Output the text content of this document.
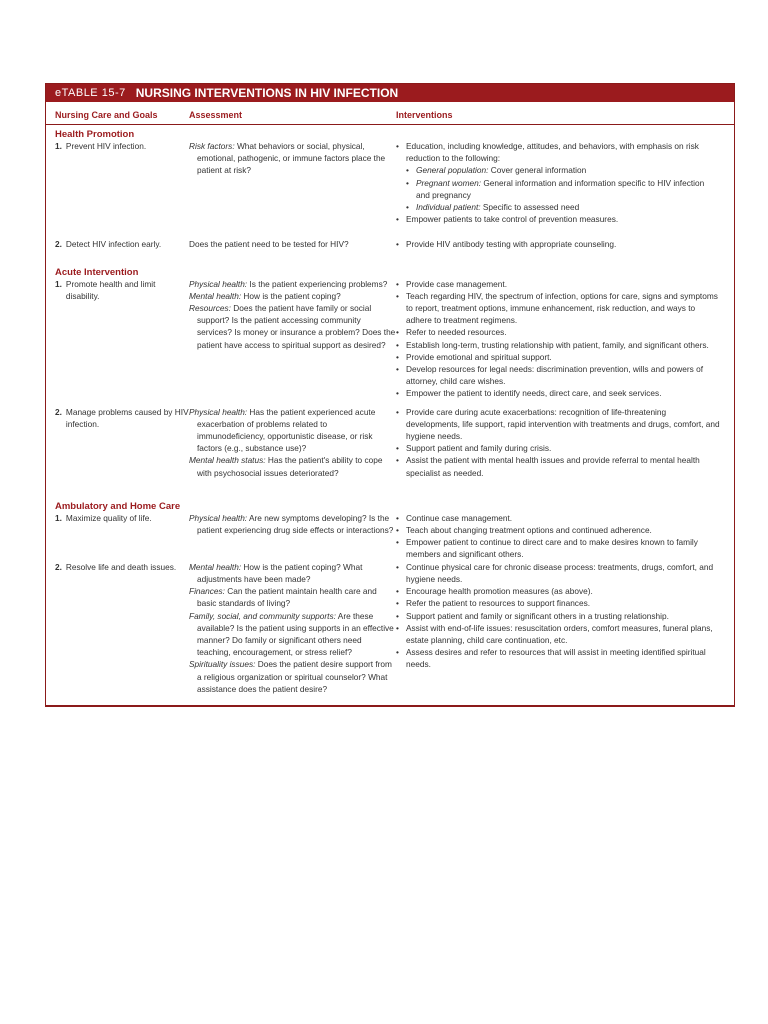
eTABLE 15-7 NURSING INTERVENTIONS IN HIV INFECTION
Nursing Care and Goals	Assessment	Interventions
Health Promotion
1. Prevent HIV infection.	Risk factors: What behaviors or social, physical, emotional, pathogenic, or immune factors place the patient at risk?
• Education, including knowledge, attitudes, and behaviors, with emphasis on risk reduction to the following:
• General population: Cover general information
• Pregnant women: General information and information specific to HIV infection and pregnancy
• Individual patient: Specific to assessed need
• Empower patients to take control of prevention measures.
2. Detect HIV infection early.	Does the patient need to be tested for HIV?
•	Provide HIV antibody testing with appropriate counseling.
Acute Intervention
1. Promote health and limit disability.
Physical health: Is the patient experiencing problems?
Mental health: How is the patient coping?
Resources: Does the patient have family or social support? Is the patient accessing community services? Is money or insurance a problem? Does the patient have access to spiritual support as desired?
• Provide case management.
• Teach regarding HIV, the spectrum of infection, options for care, signs and symptoms to report, treatment options, immune enhancement, risk reduction, and ways to adhere to treatment regimens.
• Refer to needed resources.
• Establish long-term, trusting relationship with patient, family, and significant others.
• Provide emotional and spiritual support.
• Develop resources for legal needs: discrimination prevention, wills and powers of attorney, child care wishes.
• Empower the patient to identify needs, direct care, and seek services.
2. Manage problems caused by HIV infection.
Physical health: Has the patient experienced acute exacerbation of problems related to immunodeficiency, opportunistic disease, or risk factors (e.g., substance use)?
Mental health status: Has the patient's ability to cope with psychosocial issues deteriorated?
• Provide care during acute exacerbations: recognition of life-threatening developments, life support, rapid intervention with treatments and drugs, comfort, and hygiene needs.
• Support patient and family during crisis.
• Assist the patient with mental health issues and provide referral to mental health specialist as needed.
Ambulatory and Home Care
1. Maximize quality of life.	Physical health: Are new symptoms developing? Is the patient experiencing drug side effects or interactions?
• Continue case management.
• Teach about changing treatment options and continued adherence.
• Empower patient to continue to direct care and to make desires known to family members and significant others.
2. Resolve life and death issues.	Mental health: How is the patient coping? What adjustments have been made?
Finances: Can the patient maintain health care and basic standards of living?
Family, social, and community supports: Are these available? Is the patient using supports in an effective manner? Do family or significant others need teaching, encouragement, or stress relief?
Spirituality issues: Does the patient desire support from a religious organization or spiritual counselor? What assistance does the patient desire?
• Continue physical care for chronic disease process: treatments, drugs, comfort, and hygiene needs.
• Encourage health promotion measures (as above).
• Refer the patient to resources to support finances.
• Support patient and family or significant others in a trusting relationship.
• Assist with end-of-life issues: resuscitation orders, comfort measures, funeral plans, estate planning, child care continuation, etc.
• Assess desires and refer to resources that will assist in meeting identified spiritual needs.
